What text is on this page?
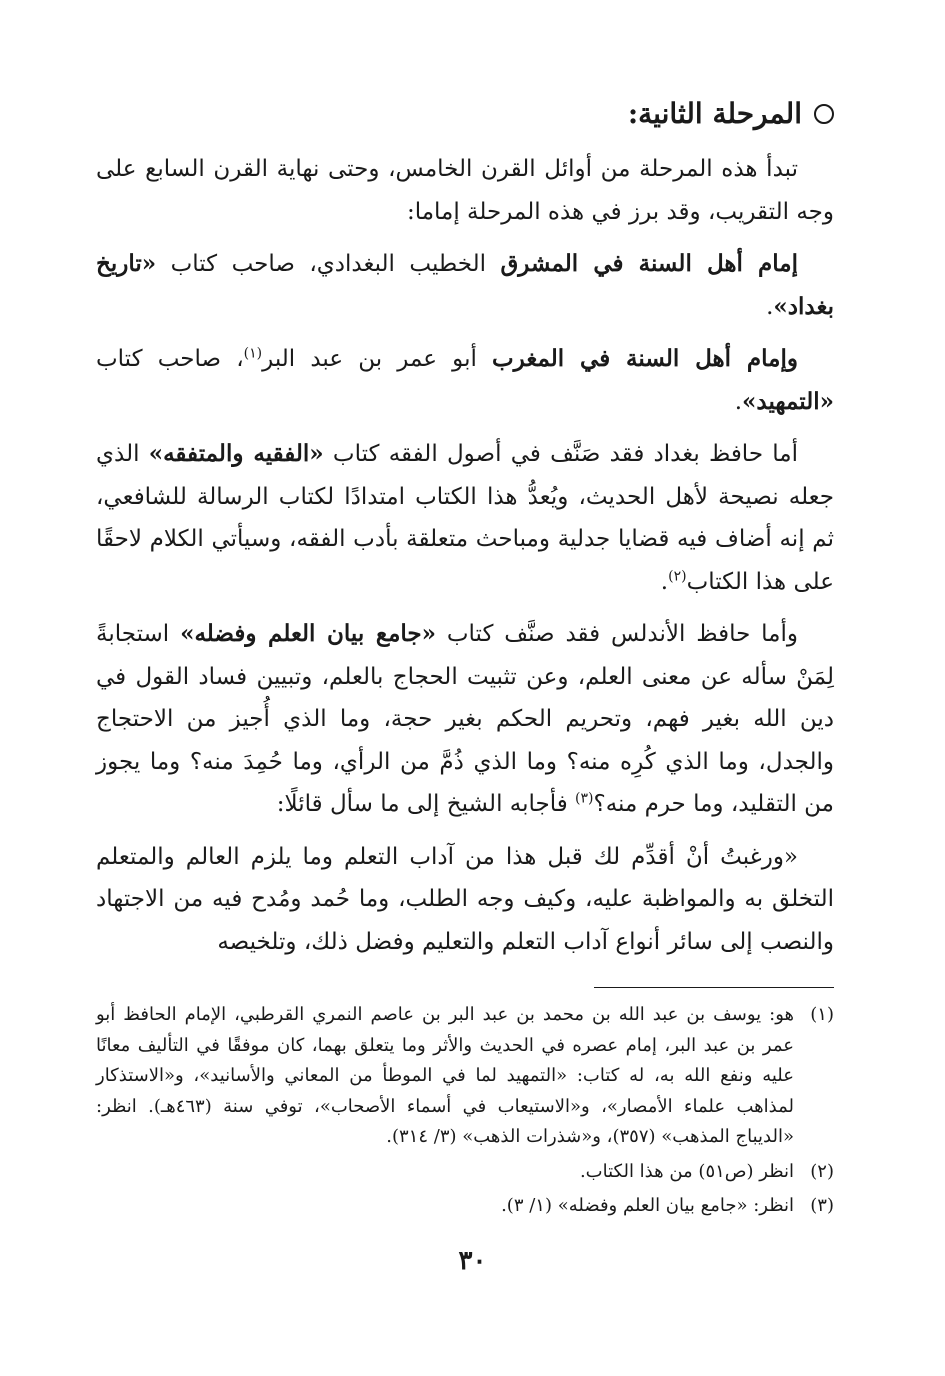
المرحلة الثانية:

تبدأ هذه المرحلة من أوائل القرن الخامس، وحتى نهاية القرن السابع على وجه التقريب، وقد برز في هذه المرحلة إماما:

إمام أهل السنة في المشرق الخطيب البغدادي، صاحب كتاب «تاريخ بغداد».

وإمام أهل السنة في المغرب أبو عمر بن عبد البر$^{(١)}$، صاحب كتاب «التمهيد».

أما حافظ بغداد فقد صَنَّف في أصول الفقه كتاب «الفقيه والمتفقه» الذي جعله نصيحة لأهل الحديث، ويُعدُّ هذا الكتاب امتدادًا لكتاب الرسالة للشافعي، ثم إنه أضاف فيه قضايا جدلية ومباحث متعلقة بأدب الفقه، وسيأتي الكلام لاحقًا على هذا الكتاب$^{(٢)}$.

وأما حافظ الأندلس فقد صنَّف كتاب «جامع بيان العلم وفضله» استجابةً لِمَنْ سأله عن معنى العلم، وعن تثبيت الحجاج بالعلم، وتبيين فساد القول في دين الله بغير فهم، وتحريم الحكم بغير حجة، وما الذي أُجيز من الاحتجاج والجدل، وما الذي كُرِه منه؟ وما الذي ذُمَّ من الرأي، وما حُمِدَ منه؟ وما يجوز من التقليد، وما حرم منه؟$^{(٣)}$ فأجابه الشيخ إلى ما سأل قائلًا:

«ورغبتُ أنْ أقدِّم لك قبل هذا من آداب التعلم وما يلزم العالم والمتعلم التخلق به والمواظبة عليه، وكيف وجه الطلب، وما حُمد ومُدح فيه من الاجتهاد والنصب إلى سائر أنواع آداب التعلم والتعليم وفضل ذلك، وتلخيصه

(١)
هو: يوسف بن عبد الله بن محمد بن عبد البر بن عاصم النمري القرطبي، الإمام الحافظ أبو عمر بن عبد البر، إمام عصره في الحديث والأثر وما يتعلق بهما، كان موفقًا في التأليف معانًا عليه ونفع الله به، له كتاب: «التمهيد لما في الموطأ من المعاني والأسانيد»، و«الاستذكار لمذاهب علماء الأمصار»، و«الاستيعاب في أسماء الأصحاب»، توفي سنة (٤٦٣هـ). انظر: «الديباج المذهب» (٣٥٧)، و«شذرات الذهب» (٣/ ٣١٤).
(٢)
انظر (ص٥١) من هذا الكتاب.
(٣)
انظر: «جامع بيان العلم وفضله» (١/ ٣).
٣٠
